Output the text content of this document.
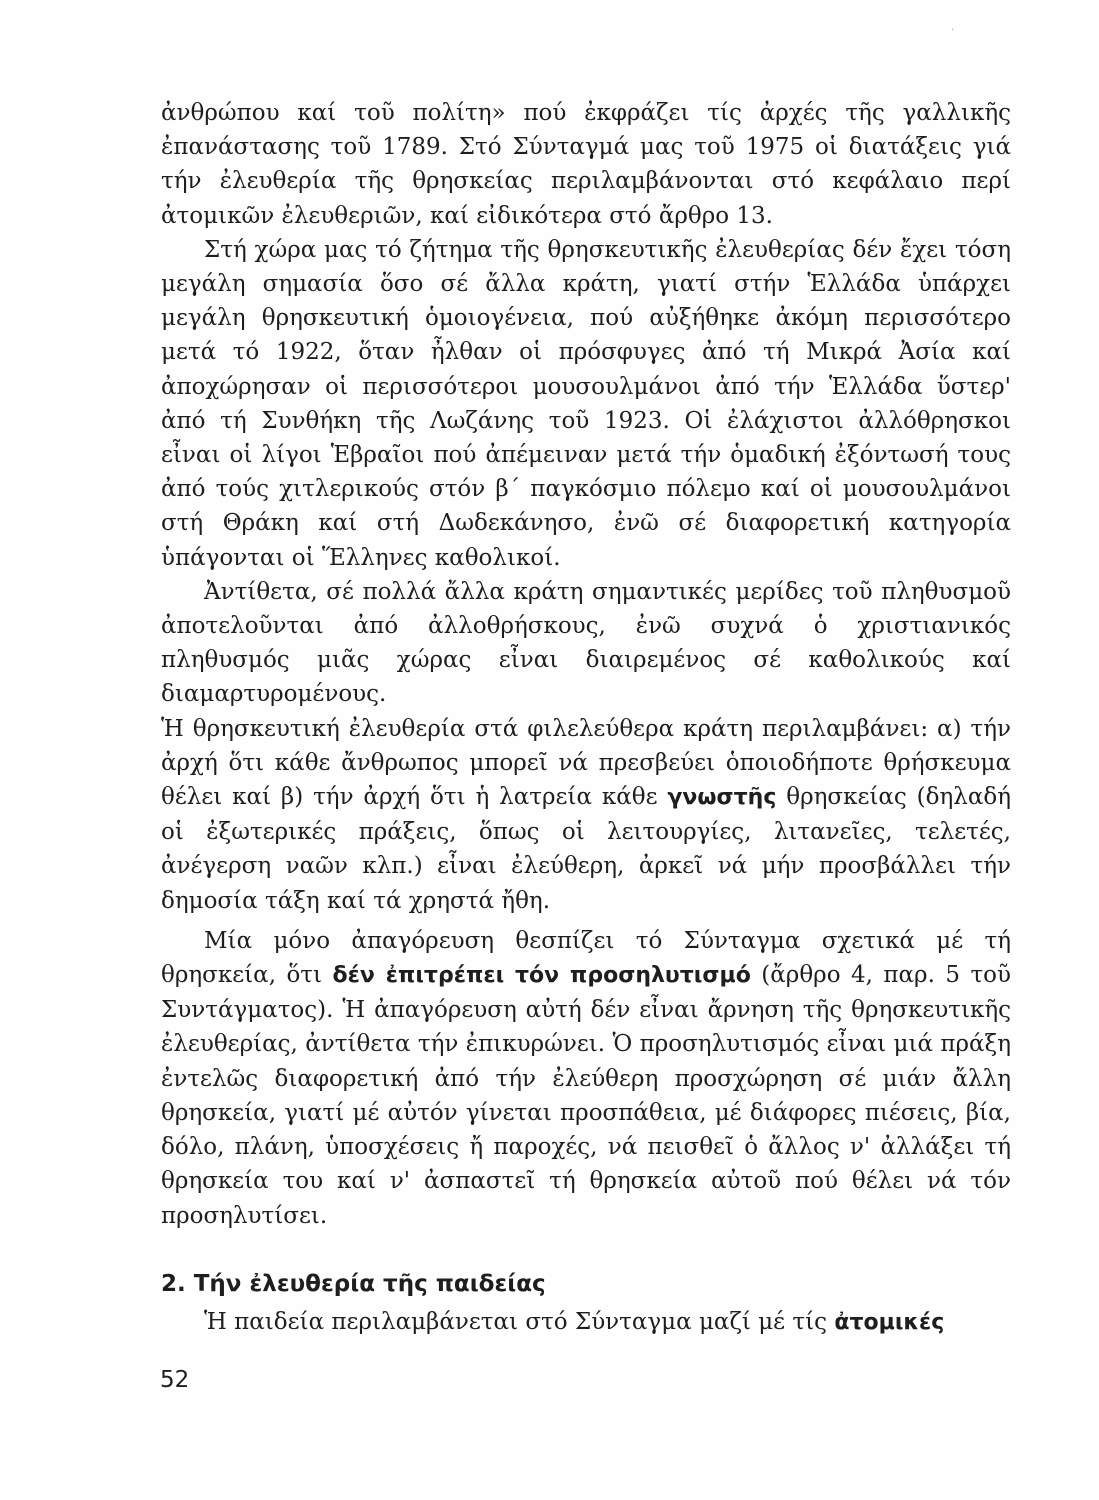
·

ἀνθρώπου καί τοῦ πολίτη» πού ἐκφράζει τίς ἀρχές τῆς γαλλικῆς ἐπανάστασης τοῦ 1789. Στό Σύνταγμά μας τοῦ 1975 οἱ διατάξεις γιά τήν ἐλευθερία τῆς θρησκείας περιλαμβάνονται στό κεφάλαιο περί ἀτομικῶν ἐλευθεριῶν, καί εἰδικότερα στό ἄρθρο 13.

Στή χώρα μας τό ζήτημα τῆς θρησκευτικῆς ἐλευθερίας δέν ἔχει τόση μεγάλη σημασία ὅσο σέ ἄλλα κράτη, γιατί στήν Ἑλλάδα ὑπάρχει μεγάλη θρησκευτική ὁμοιογένεια, πού αὐξήθηκε ἀκόμη περισσότερο μετά τό 1922, ὅταν ἦλθαν οἱ πρόσφυγες ἀπό τή Μικρά Ἀσία καί ἀποχώρησαν οἱ περισσότεροι μουσουλμάνοι ἀπό τήν Ἑλλάδα ὕστερ' ἀπό τή Συνθήκη τῆς Λωζάνης τοῦ 1923. Οἱ ἐλάχιστοι ἀλλόθρησκοι εἶναι οἱ λίγοι Ἑβραῖοι πού ἀπέμειναν μετά τήν ὁμαδική ἐξόντωσή τους ἀπό τούς χιτλερικούς στόν β΄ παγκόσμιο πόλεμο καί οἱ μουσουλμάνοι στή Θράκη καί στή Δωδεκάνησο, ἐνῶ σέ διαφορετική κατηγορία ὑπάγονται οἱ Ἕλληνες καθολικοί.

Ἀντίθετα, σέ πολλά ἄλλα κράτη σημαντικές μερίδες τοῦ πληθυσμοῦ ἀποτελοῦνται ἀπό ἀλλοθρήσκους, ἐνῶ συχνά ὁ χριστιανικός πληθυσμός μιᾶς χώρας εἶναι διαιρεμένος σέ καθολικούς καί διαμαρτυρομένους.

Ἡ θρησκευτική ἐλευθερία στά φιλελεύθερα κράτη περιλαμβάνει: α) τήν ἀρχή ὅτι κάθε ἄνθρωπος μπορεῖ νά πρεσβεύει ὁποιοδήποτε θρήσκευμα θέλει καί β) τήν ἀρχή ὅτι ἡ λατρεία κάθε γνωστῆς θρησκείας (δηλαδή οἱ ἐξωτερικές πράξεις, ὅπως οἱ λειτουργίες, λιτανεῖες, τελετές, ἀνέγερση ναῶν κλπ.) εἶναι ἐλεύθερη, ἀρκεῖ νά μήν προσβάλλει τήν δημοσία τάξη καί τά χρηστά ἤθη.

Μία μόνο ἀπαγόρευση θεσπίζει τό Σύνταγμα σχετικά μέ τή θρησκεία, ὅτι δέν ἐπιτρέπει τόν προσηλυτισμό (ἄρθρο 4, παρ. 5 τοῦ Συντάγματος). Ἡ ἀπαγόρευση αὐτή δέν εἶναι ἄρνηση τῆς θρησκευτικῆς ἐλευθερίας, ἀντίθετα τήν ἐπικυρώνει. Ὁ προσηλυτισμός εἶναι μιά πράξη ἐντελῶς διαφορετική ἀπό τήν ἐλεύθερη προσχώρηση σέ μιάν ἄλλη θρησκεία, γιατί μέ αὐτόν γίνεται προσπάθεια, μέ διάφορες πιέσεις, βία, δόλο, πλάνη, ὑποσχέσεις ἤ παροχές, νά πεισθεῖ ὁ ἄλλος ν' ἀλλάξει τή θρησκεία του καί ν' ἀσπαστεῖ τή θρησκεία αὐτοῦ πού θέλει νά τόν προσηλυτίσει.

2. Τήν ἐλευθερία τῆς παιδείας

Ἡ παιδεία περιλαμβάνεται στό Σύνταγμα μαζί μέ τίς ἀτομικές

52
